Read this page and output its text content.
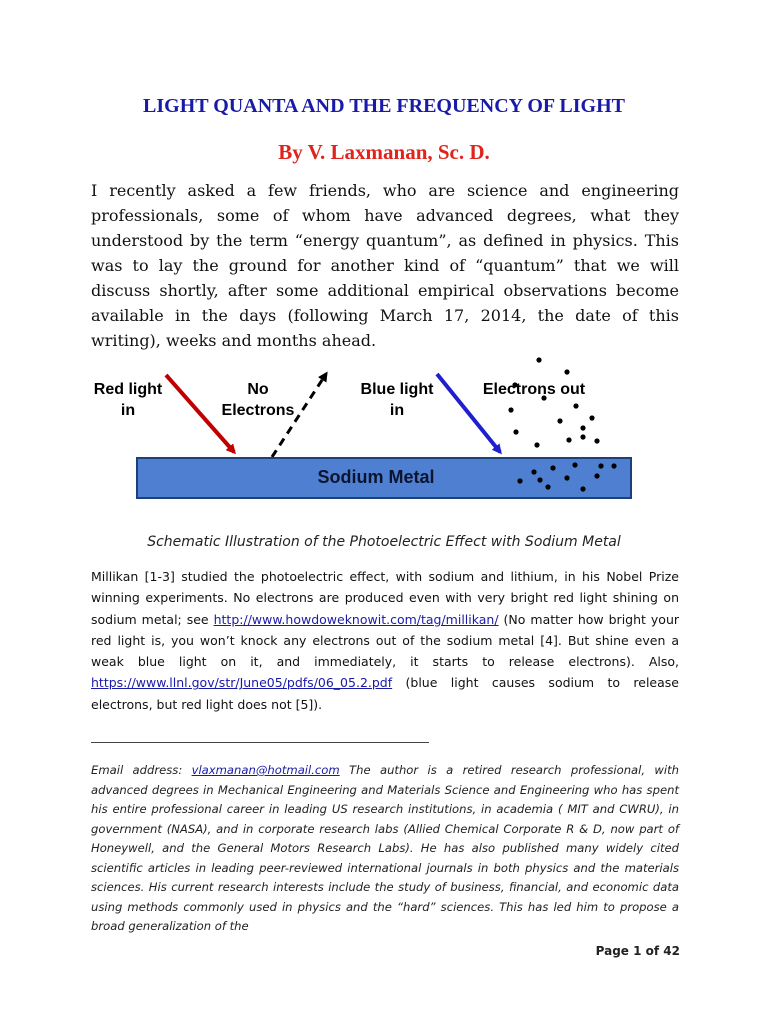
LIGHT QUANTA AND THE FREQUENCY OF LIGHT
By V. Laxmanan, Sc. D.
I recently asked a few friends, who are science and engineering professionals, some of whom have advanced degrees, what they understood by the term “energy quantum”, as defined in physics. This was to lay the ground for another kind of “quantum” that we will discuss shortly, after some additional empirical observations become available in the days (following March 17, 2014, the date of this writing), weeks and months ahead.
Red light
in
No
Electrons
Blue light
in
Electrons out
Sodium Metal
Schematic Illustration of the Photoelectric Effect with Sodium Metal
Millikan [1-3] studied the photoelectric effect, with sodium and lithium, in his Nobel Prize winning experiments. No electrons are produced even with very bright red light shining on sodium metal; see http://www.howdoweknowit.com/tag/millikan/ (No matter how bright your red light is, you won’t knock any electrons out of the sodium metal [4]. But shine even a weak blue light on it, and immediately, it starts to release electrons). Also, https://www.llnl.gov/str/June05/pdfs/06_05.2.pdf (blue light causes sodium to release electrons, but red light does not [5]).
Email address: vlaxmanan@hotmail.com The author is a retired research professional, with advanced degrees in Mechanical Engineering and Materials Science and Engineering who has spent his entire professional career in leading US research institutions, in academia ( MIT and CWRU), in government (NASA), and in corporate research labs (Allied Chemical Corporate R & D, now part of Honeywell, and the General Motors Research Labs). He has also published many widely cited scientific articles in leading peer-reviewed international journals in both physics and the materials sciences. His current research interests include the study of business, financial, and economic data using methods commonly used in physics and the “hard” sciences. This has led him to propose a broad generalization of the
Page 1 of 42
